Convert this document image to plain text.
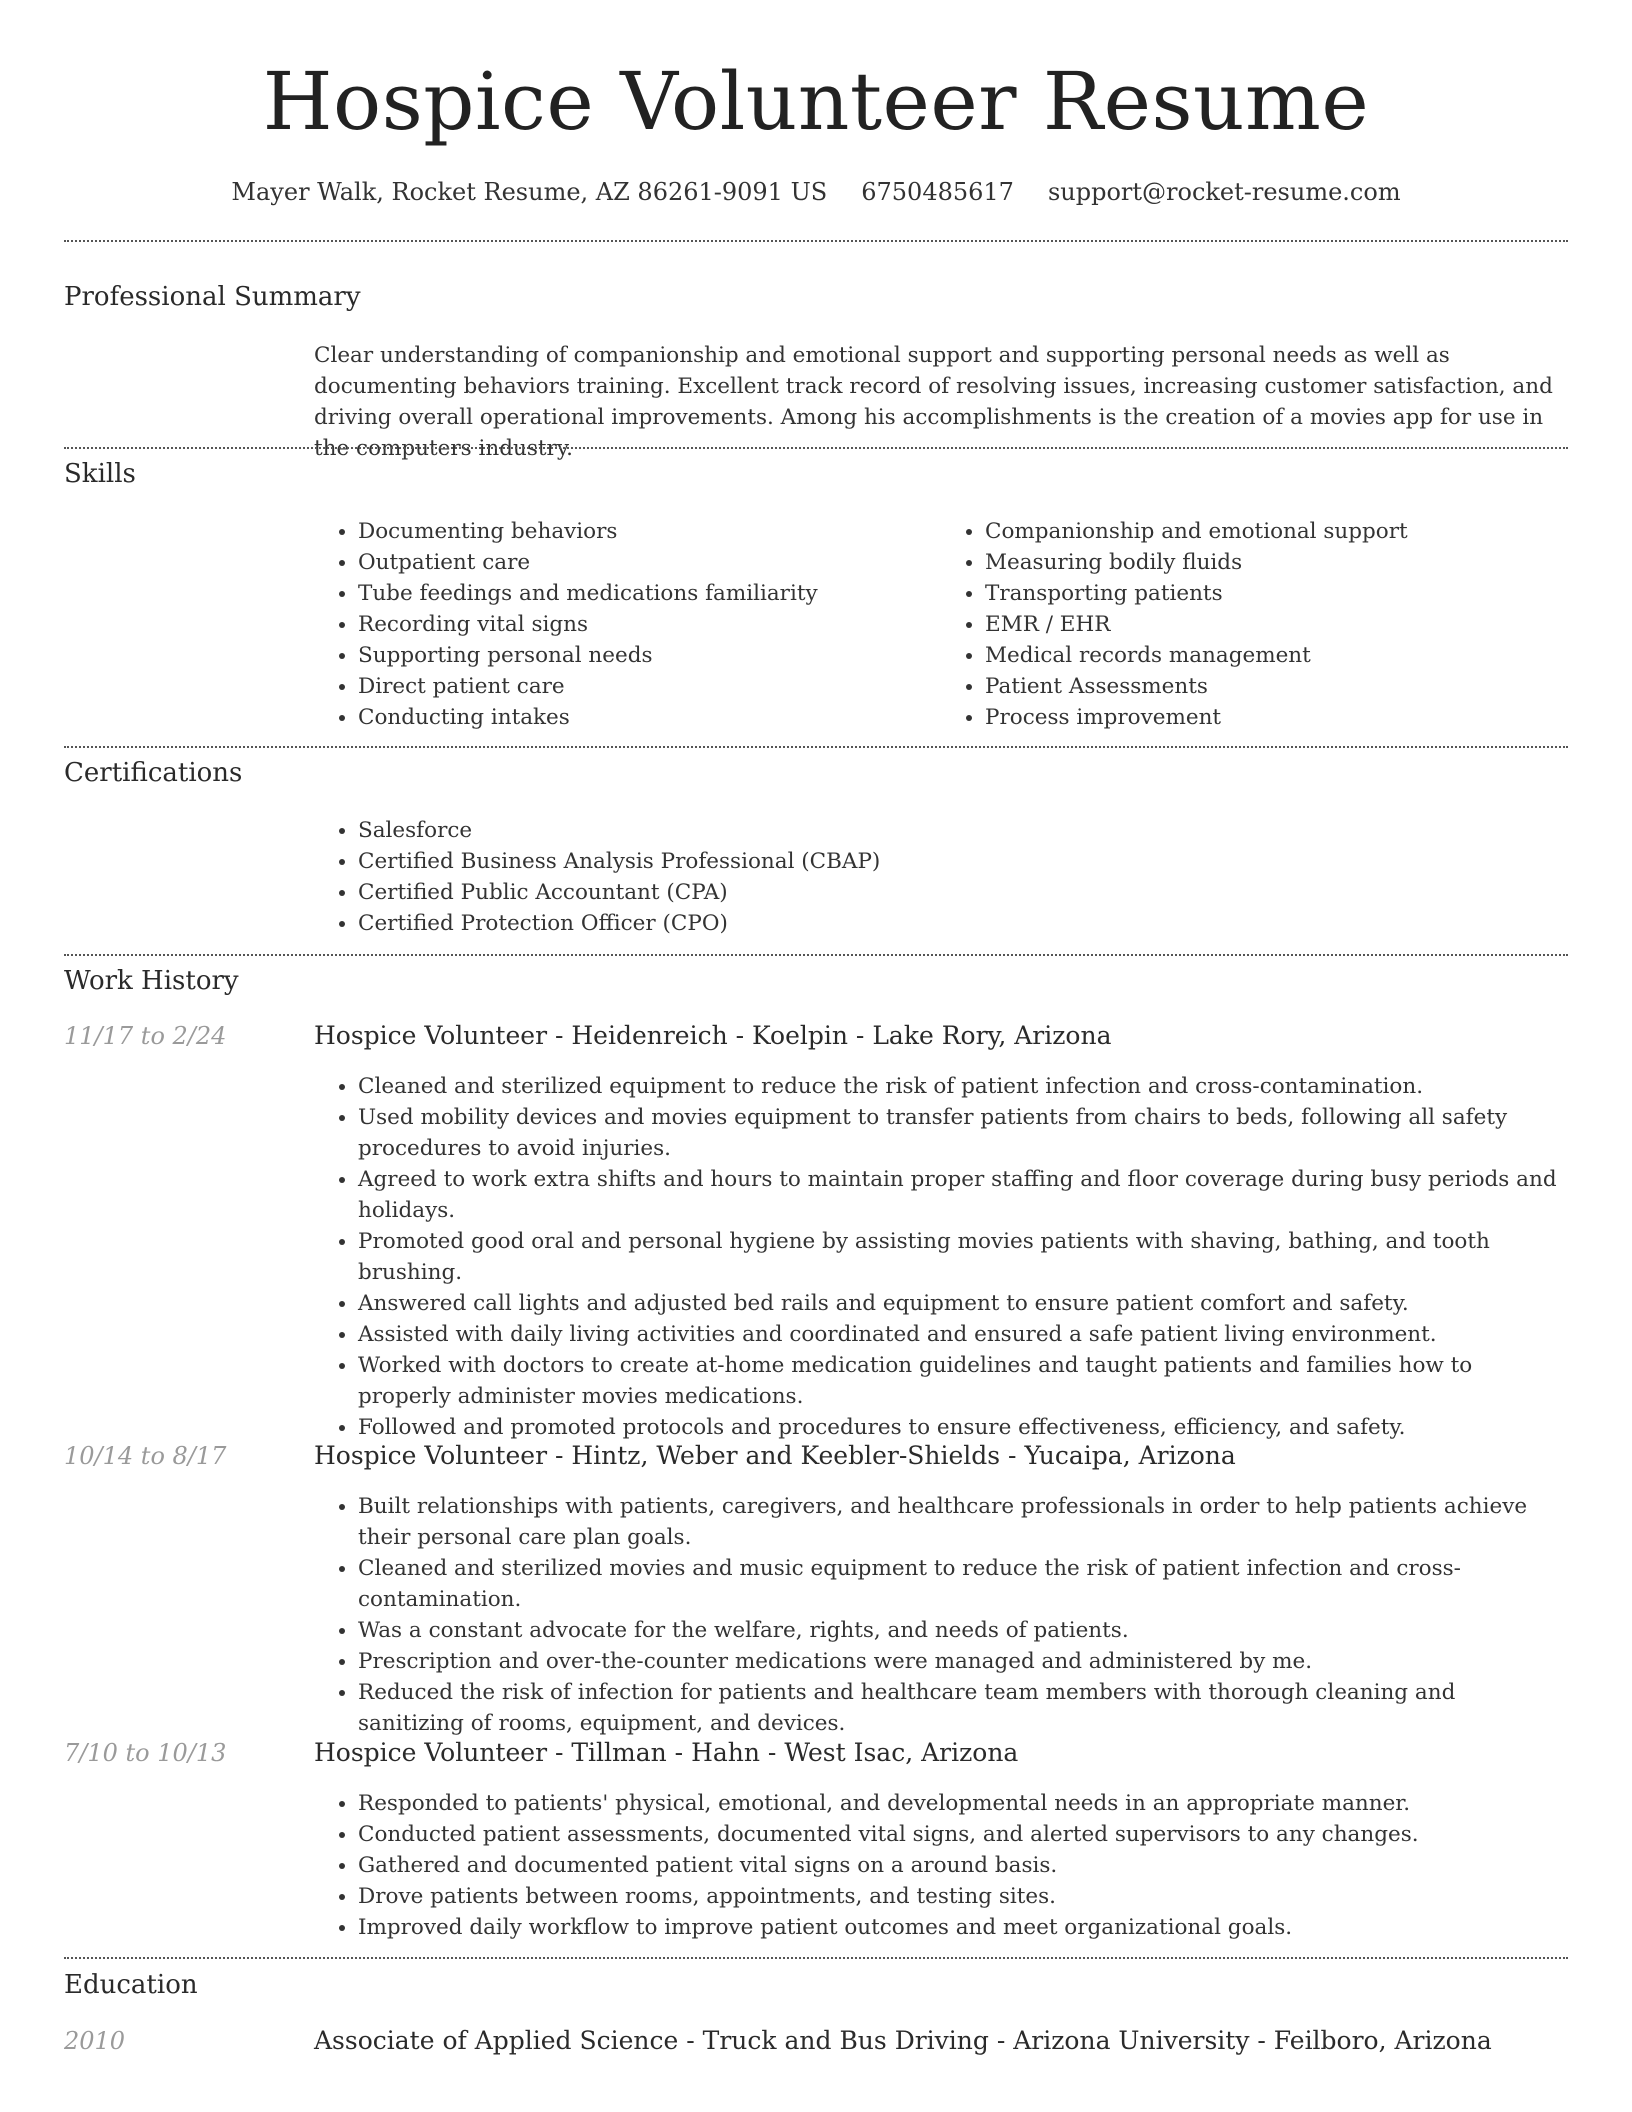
Hospice Volunteer Resume
Mayer Walk, Rocket Resume, AZ 86261-9091 US 6750485617 support@rocket-resume.com
Professional Summary

Clear understanding of companionship and emotional support and supporting personal needs as well as documenting behaviors training. Excellent track record of resolving issues, increasing customer satisfaction, and driving overall operational improvements. Among his accomplishments is the creation of a movies app for use in the computers industry.

Skills
• Documenting behaviors
• Outpatient care
• Tube feedings and medications familiarity
• Recording vital signs
• Supporting personal needs
• Direct patient care
• Conducting intakes
• Companionship and emotional support
• Measuring bodily fluids
• Transporting patients
• EMR / EHR
• Medical records management
• Patient Assessments
• Process improvement
Certifications
• Salesforce
• Certified Business Analysis Professional (CBAP)
• Certified Public Accountant (CPA)
• Certified Protection Officer (CPO)
Work History
11/17 to 2/24	Hospice Volunteer - Heidenreich - Koelpin - Lake Rory, Arizona
• Cleaned and sterilized equipment to reduce the risk of patient infection and cross-contamination.
• Used mobility devices and movies equipment to transfer patients from chairs to beds, following all safety procedures to avoid injuries.
• Agreed to work extra shifts and hours to maintain proper staffing and floor coverage during busy periods and holidays.
• Promoted good oral and personal hygiene by assisting movies patients with shaving, bathing, and tooth brushing.
• Answered call lights and adjusted bed rails and equipment to ensure patient comfort and safety.
• Assisted with daily living activities and coordinated and ensured a safe patient living environment.
• Worked with doctors to create at-home medication guidelines and taught patients and families how to properly administer movies medications.
• Followed and promoted protocols and procedures to ensure effectiveness, efficiency, and safety.
10/14 to 8/17	Hospice Volunteer - Hintz, Weber and Keebler-Shields - Yucaipa, Arizona
• Built relationships with patients, caregivers, and healthcare professionals in order to help patients achieve their personal care plan goals.
• Cleaned and sterilized movies and music equipment to reduce the risk of patient infection and cross-contamination.
• Was a constant advocate for the welfare, rights, and needs of patients.
• Prescription and over-the-counter medications were managed and administered by me.
• Reduced the risk of infection for patients and healthcare team members with thorough cleaning and sanitizing of rooms, equipment, and devices.
7/10 to 10/13	Hospice Volunteer - Tillman - Hahn - West Isac, Arizona
• Responded to patients' physical, emotional, and developmental needs in an appropriate manner.
• Conducted patient assessments, documented vital signs, and alerted supervisors to any changes.
• Gathered and documented patient vital signs on a around basis.
• Drove patients between rooms, appointments, and testing sites.
• Improved daily workflow to improve patient outcomes and meet organizational goals.
Education
2010	Associate of Applied Science - Truck and Bus Driving - Arizona University - Feilboro, Arizona
